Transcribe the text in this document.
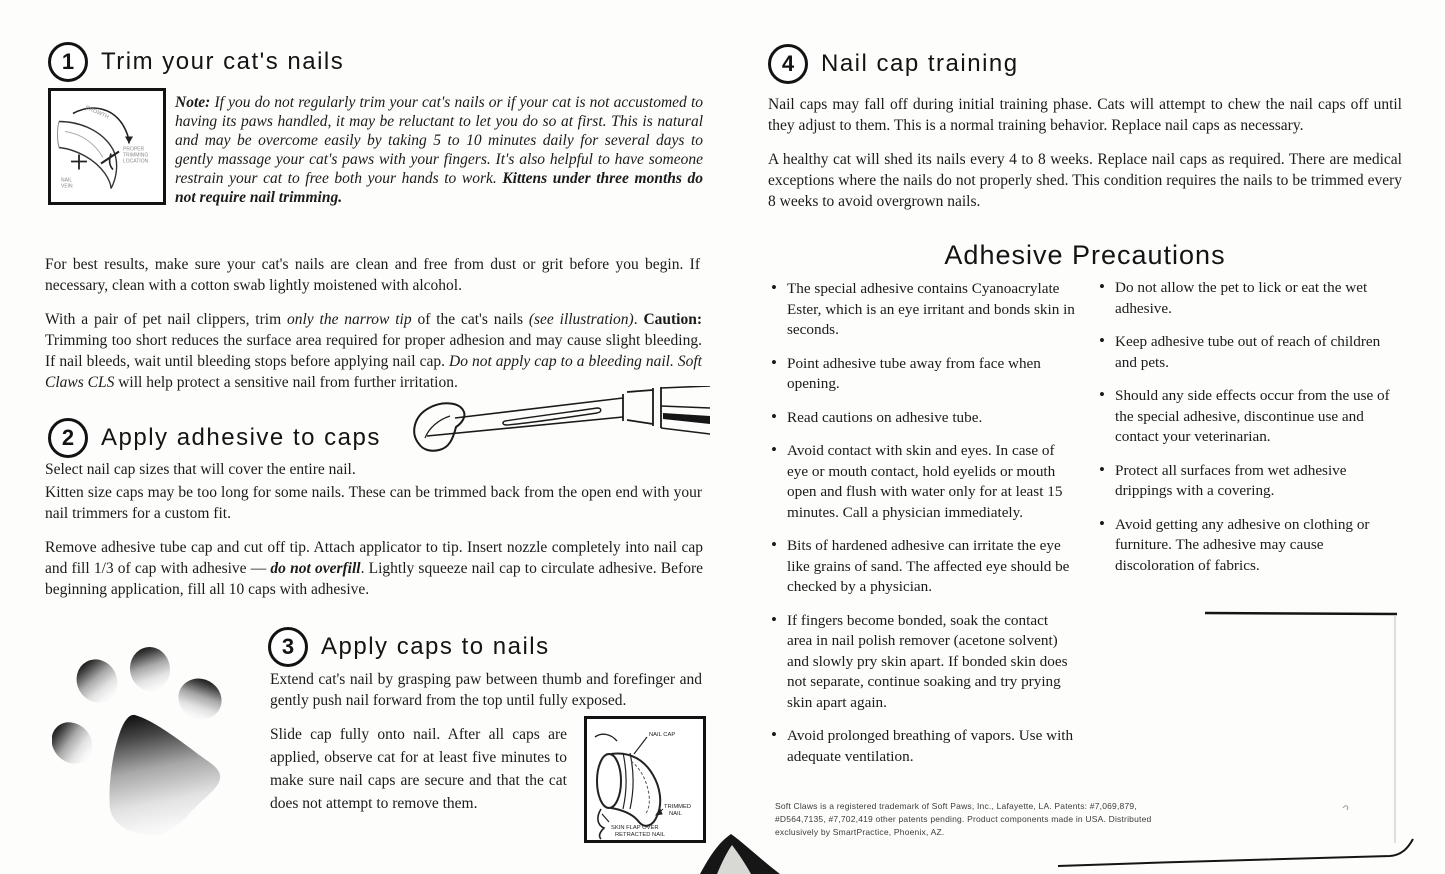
1	Trim your cat's nails
GROWTH
PROPER
TRIMMING
LOCATION
NAIL
VEIN
Note: If you do not regularly trim your cat's nails or if your cat is not accustomed to having its paws handled, it may be reluctant to let you do so at first. This is natural and may be overcome easily by taking 5 to 10 minutes daily for several days to gently massage your cat's paws with your fingers. It's also helpful to have someone restrain your cat to free both your hands to work. Kittens under three months do not require nail trimming.
For best results, make sure your cat's nails are clean and free from dust or grit before you begin. If necessary, clean with a cotton swab lightly moistened with alcohol.
With a pair of pet nail clippers, trim only the narrow tip of the cat's nails (see illustration). Caution: Trimming too short reduces the surface area required for proper adhesion and may cause slight bleeding. If nail bleeds, wait until bleeding stops before applying nail cap. Do not apply cap to a bleeding nail. Soft Claws CLS will help protect a sensitive nail from further irritation.
2	Apply adhesive to caps
Select nail cap sizes that will cover the entire nail.
Kitten size caps may be too long for some nails. These can be trimmed back from the open end with your nail trimmers for a custom fit.
Remove adhesive tube cap and cut off tip. Attach applicator to tip. Insert nozzle completely into nail cap and fill 1/3 of cap with adhesive — do not overfill. Lightly squeeze nail cap to circulate adhesive. Before beginning application, fill all 10 caps with adhesive.
3	Apply caps to nails
Extend cat's nail by grasping paw between thumb and forefinger and gently push nail forward from the top until fully exposed.
Slide cap fully onto nail. After all caps are applied, observe cat for at least five minutes to make sure nail caps are secure and that the cat does not attempt to remove them.
NAIL CAP
TRIMMED
NAIL
SKIN FLAP OVER
RETRACTED NAIL
4	Nail cap training
Nail caps may fall off during initial training phase. Cats will attempt to chew the nail caps off until they adjust to them. This is a normal training behavior. Replace nail caps as necessary.
A healthy cat will shed its nails every 4 to 8 weeks. Replace nail caps as required. There are medical exceptions where the nails do not properly shed. This condition requires the nails to be trimmed every 8 weeks to avoid overgrown nails.
Adhesive Precautions
• The special adhesive contains Cyanoacrylate Ester, which is an eye irritant and bonds skin in seconds.
• Point adhesive tube away from face when opening.
• Read cautions on adhesive tube.
• Avoid contact with skin and eyes. In case of eye or mouth contact, hold eyelids or mouth open and flush with water only for at least 15 minutes. Call a physician immediately.
• Bits of hardened adhesive can irritate the eye like grains of sand. The affected eye should be checked by a physician.
• If fingers become bonded, soak the contact area in nail polish remover (acetone solvent) and slowly pry skin apart. If bonded skin does not separate, continue soaking and try prying skin apart again.
• Avoid prolonged breathing of vapors. Use with adequate ventilation.
• Do not allow the pet to lick or eat the wet adhesive.
• Keep adhesive tube out of reach of children and pets.
• Should any side effects occur from the use of the special adhesive, discontinue use and contact your veterinarian.
• Protect all surfaces from wet adhesive drippings with a covering.
• Avoid getting any adhesive on clothing or furniture. The adhesive may cause discoloration of fabrics.
Soft Claws is a registered trademark of Soft Paws, Inc., Lafayette, LA. Patents: #7,069,879,
#D564,7135, #7,702,419 other patents pending. Product components made in USA. Distributed
exclusively by SmartPractice, Phoenix, AZ.
